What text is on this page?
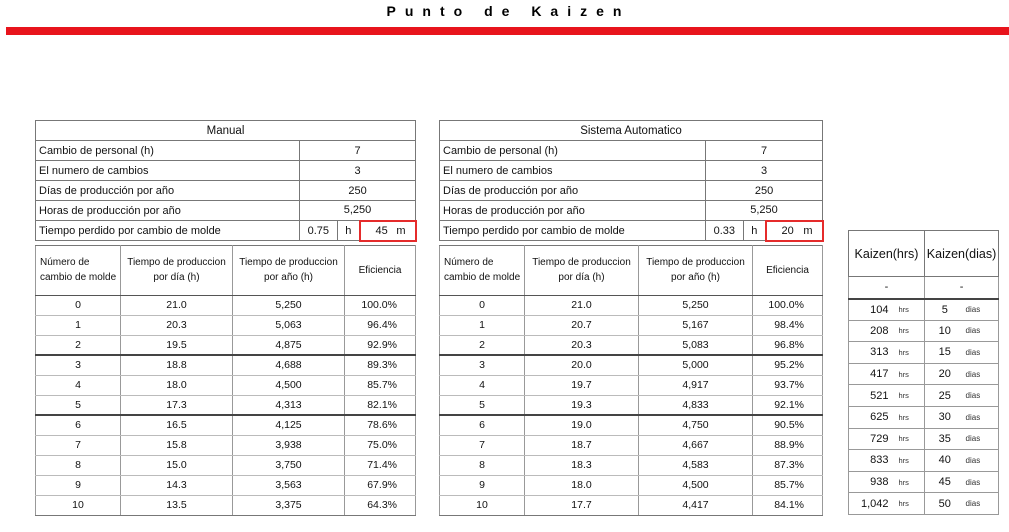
Punto de Kaizen
Manual			
Cambio de personal (h)	7		
El numero de cambios	3		
Días de producción por año	250		
Horas de producción por año	5,250		
Tiempo perdido por cambio de molde	0.75	h	45 m
Número de cambio de molde	Tiempo de produccion por día (h)	Tiempo de produccion por año (h)	Eficiencia
0	21.0	5,250	100.0%
1	20.3	5,063	96.4%
2	19.5	4,875	92.9%
3	18.8	4,688	89.3%
4	18.0	4,500	85.7%
5	17.3	4,313	82.1%
6	16.5	4,125	78.6%
7	15.8	3,938	75.0%
8	15.0	3,750	71.4%
9	14.3	3,563	67.9%
10	13.5	3,375	64.3%
Sistema Automatico			
Cambio de personal (h)	7		
El numero de cambios	3		
Días de producción por año	250		
Horas de producción por año	5,250		
Tiempo perdido por cambio de molde	0.33	h	20 m
Número de cambio de molde	Tiempo de produccion por día (h)	Tiempo de produccion por año (h)	Eficiencia
0	21.0	5,250	100.0%
1	20.7	5,167	98.4%
2	20.3	5,083	96.8%
3	20.0	5,000	95.2%
4	19.7	4,917	93.7%
5	19.3	4,833	92.1%
6	19.0	4,750	90.5%
7	18.7	4,667	88.9%
8	18.3	4,583	87.3%
9	18.0	4,500	85.7%
10	17.7	4,417	84.1%
Kaizen(hrs)		Kaizen(dias)	
-		-	
104	hrs	5	dias
208	hrs	10	dias
313	hrs	15	dias
417	hrs	20	dias
521	hrs	25	dias
625	hrs	30	dias
729	hrs	35	dias
833	hrs	40	dias
938	hrs	45	dias
1,042	hrs	50	dias
